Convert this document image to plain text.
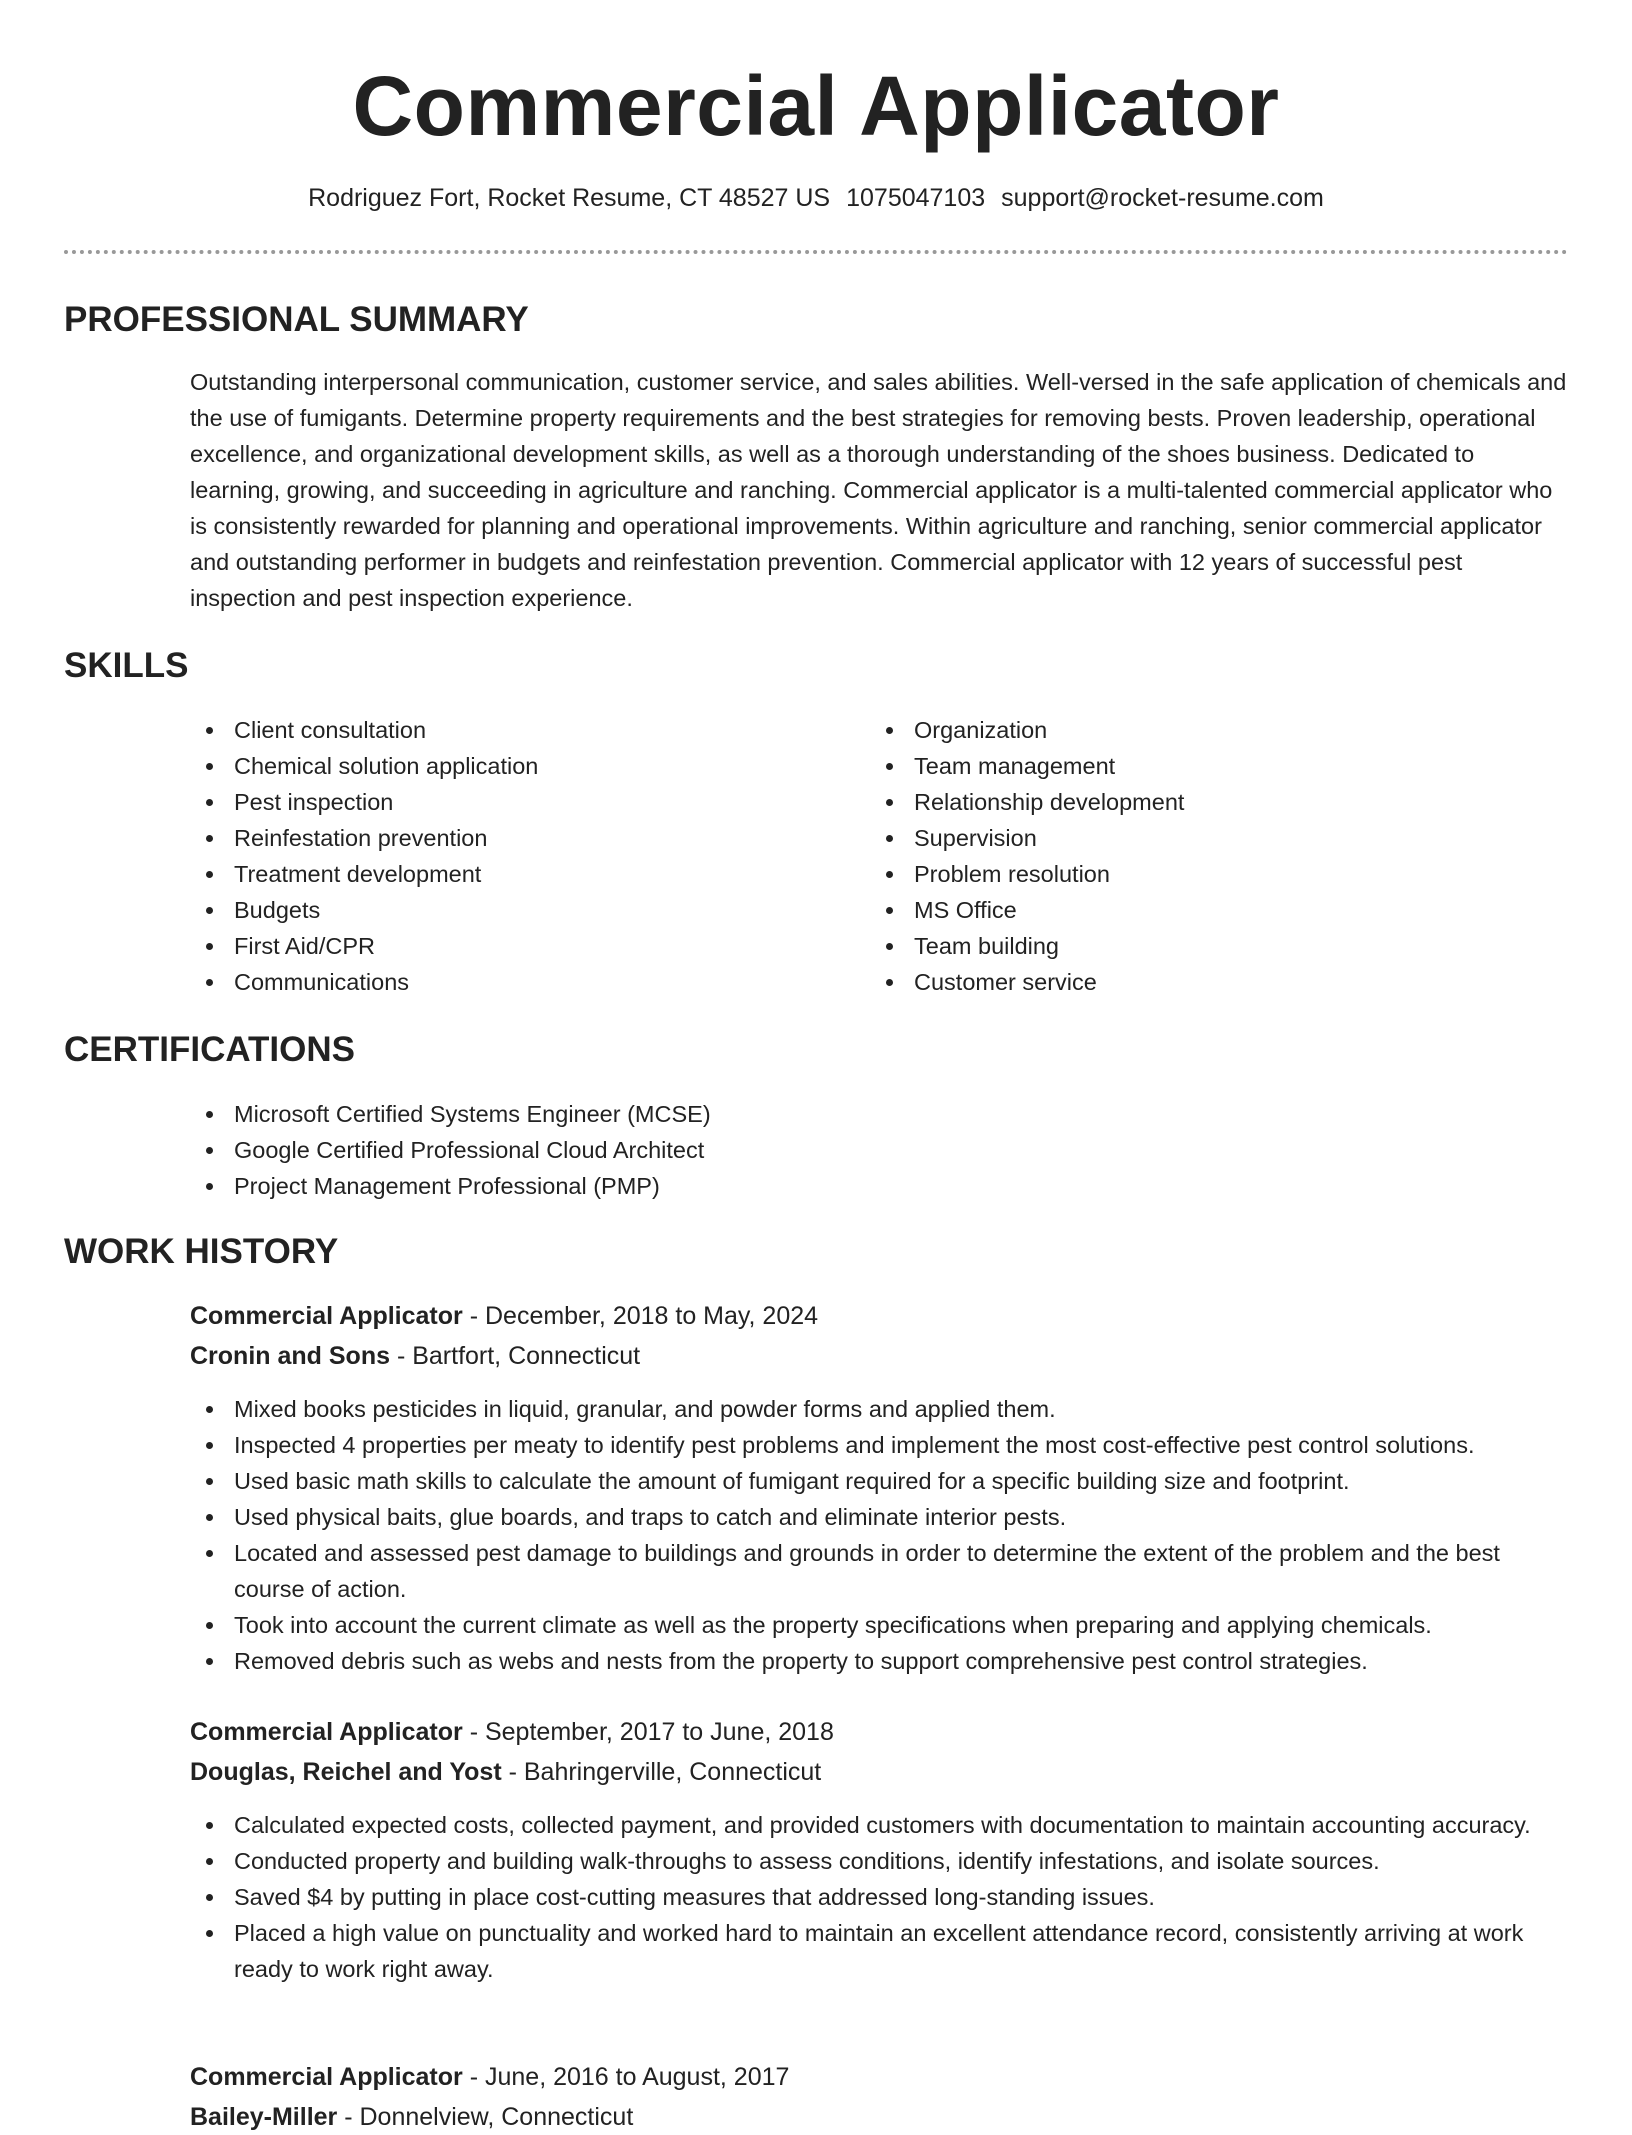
Commercial Applicator
Rodriguez Fort, Rocket Resume, CT 48527 US 1075047103 support@rocket-resume.com
PROFESSIONAL SUMMARY

Outstanding interpersonal communication, customer service, and sales abilities. Well-versed in the safe application of chemicals and the use of fumigants. Determine property requirements and the best strategies for removing bests. Proven leadership, operational excellence, and organizational development skills, as well as a thorough understanding of the shoes business. Dedicated to learning, growing, and succeeding in agriculture and ranching. Commercial applicator is a multi-talented commercial applicator who is consistently rewarded for planning and operational improvements. Within agriculture and ranching, senior commercial applicator and outstanding performer in budgets and reinfestation prevention. Commercial applicator with 12 years of successful pest inspection and pest inspection experience.

SKILLS
Client consultation
Chemical solution application
Pest inspection
Reinfestation prevention
Treatment development
Budgets
First Aid/CPR
Communications
Organization
Team management
Relationship development
Supervision
Problem resolution
MS Office
Team building
Customer service
CERTIFICATIONS
Microsoft Certified Systems Engineer (MCSE)
Google Certified Professional Cloud Architect
Project Management Professional (PMP)
WORK HISTORY
Commercial Applicator - December, 2018 to May, 2024
Cronin and Sons - Bartfort, Connecticut
Mixed books pesticides in liquid, granular, and powder forms and applied them.
Inspected 4 properties per meaty to identify pest problems and implement the most cost-effective pest control solutions.
Used basic math skills to calculate the amount of fumigant required for a specific building size and footprint.
Used physical baits, glue boards, and traps to catch and eliminate interior pests.
Located and assessed pest damage to buildings and grounds in order to determine the extent of the problem and the best course of action.
Took into account the current climate as well as the property specifications when preparing and applying chemicals.
Removed debris such as webs and nests from the property to support comprehensive pest control strategies.
Commercial Applicator - September, 2017 to June, 2018
Douglas, Reichel and Yost - Bahringerville, Connecticut
Calculated expected costs, collected payment, and provided customers with documentation to maintain accounting accuracy.
Conducted property and building walk-throughs to assess conditions, identify infestations, and isolate sources.
Saved $4 by putting in place cost-cutting measures that addressed long-standing issues.
Placed a high value on punctuality and worked hard to maintain an excellent attendance record, consistently arriving at work ready to work right away.
Commercial Applicator - June, 2016 to August, 2017
Bailey-Miller - Donnelview, Connecticut
